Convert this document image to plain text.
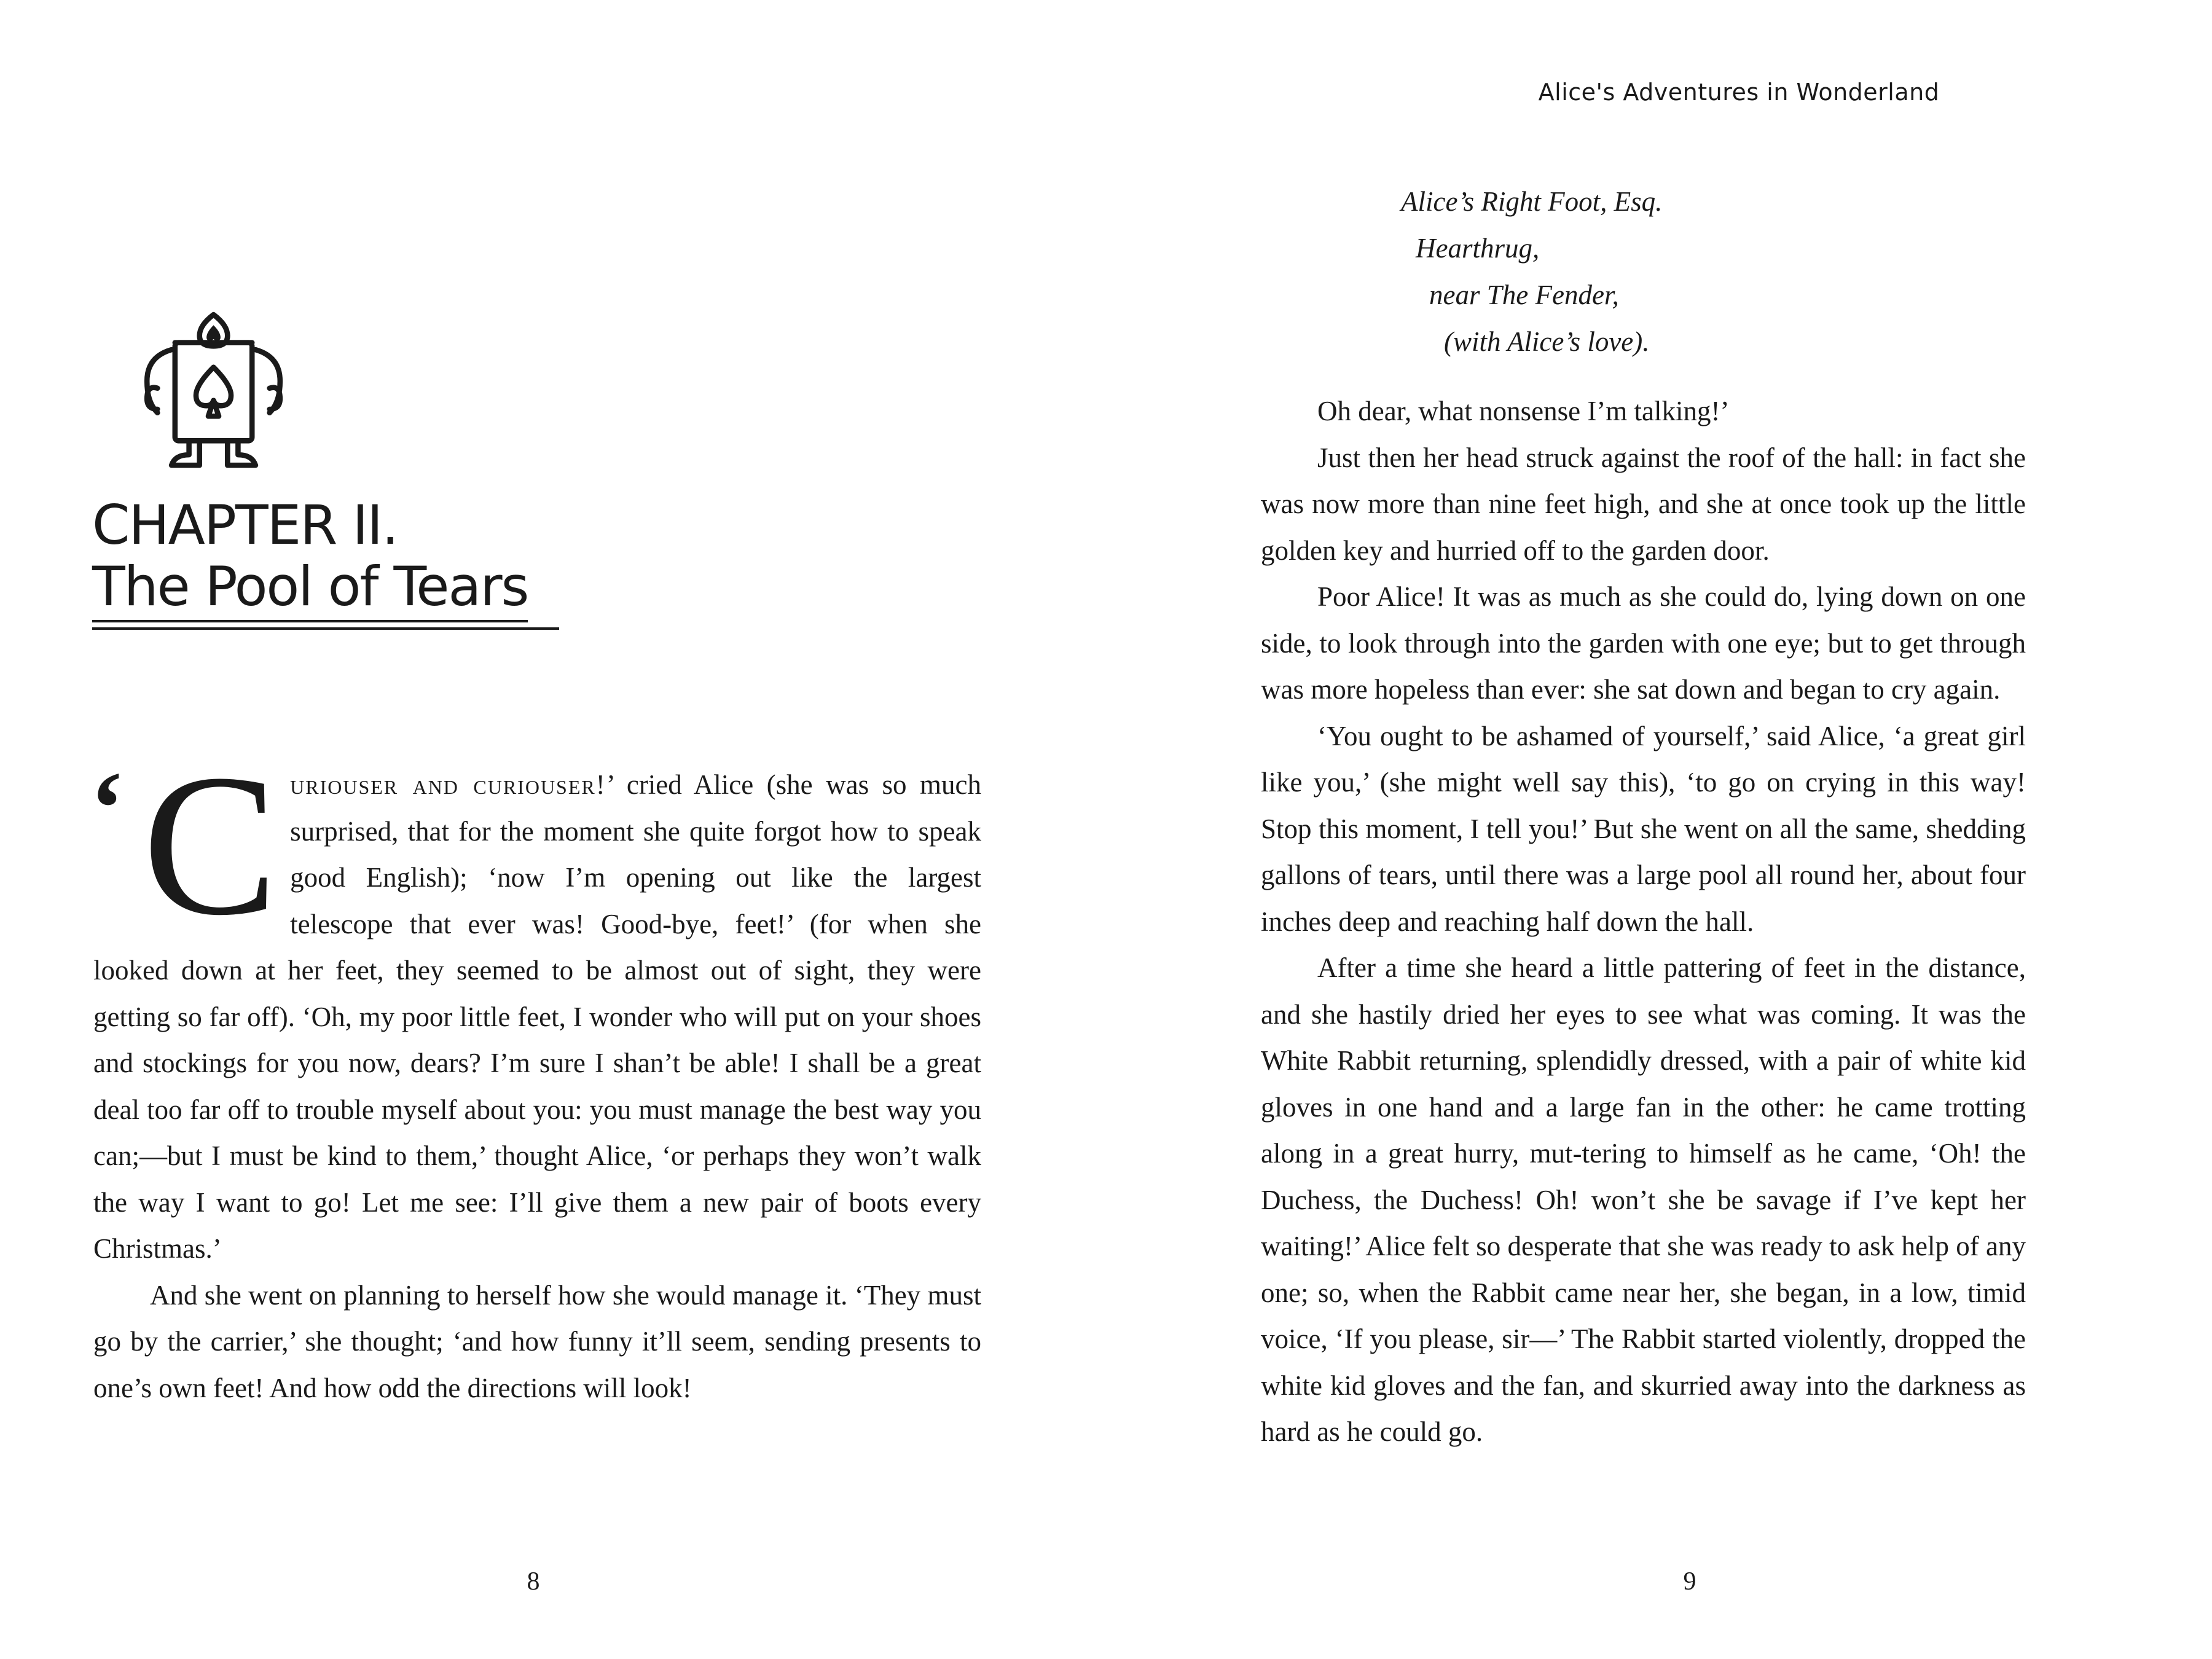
CHAPTER II.
The Pool of Tears

‘ C uriouser and curiouser!’ cried Alice (she was so much surprised, that for the moment she quite forgot how to speak good English); ‘now I’m opening out like the largest telescope that ever was! Good-bye, feet!’ (for when she looked down at her feet, they seemed to be almost out of sight, they were getting so far off). ‘Oh, my poor little feet, I wonder who will put on your shoes and stockings for you now, dears? I’m sure I shan’t be able! I shall be a great deal too far off to trouble myself about you: you must manage the best way you can;—but I must be kind to them,’ thought Alice, ‘or perhaps they won’t walk the way I want to go! Let me see: I’ll give them a new pair of boots every Christmas.’

And she went on planning to herself how she would manage it. ‘They must go by the carrier,’ she thought; ‘and how funny it’ll seem, sending presents to one’s own feet! And how odd the directions will look!

8
Alice's Adventures in Wonderland
Alice’s Right Foot, Esq.
Hearthrug,
near The Fender,
(with Alice’s love).

Oh dear, what nonsense I’m talking!’

Just then her head struck against the roof of the hall: in fact she was now more than nine feet high, and she at once took up the little golden key and hurried off to the garden door.

Poor Alice! It was as much as she could do, lying down on one side, to look through into the garden with one eye; but to get through was more hopeless than ever: she sat down and began to cry again.

‘You ought to be ashamed of yourself,’ said Alice, ‘a great girl like you,’ (she might well say this), ‘to go on crying in this way! Stop this moment, I tell you!’ But she went on all the same, shedding gallons of tears, until there was a large pool all round her, about four inches deep and reaching half down the hall.

After a time she heard a little pattering of feet in the distance, and she hastily dried her eyes to see what was coming. It was the White Rabbit returning, splendidly dressed, with a pair of white kid gloves in one hand and a large fan in the other: he came trotting along in a great hurry, mut-tering to himself as he came, ‘Oh! the Duchess, the Duchess! Oh! won’t she be savage if I’ve kept her waiting!’ Alice felt so desperate that she was ready to ask help of any one; so, when the Rabbit came near her, she began, in a low, timid voice, ‘If you please, sir—’ The Rabbit started violently, dropped the white kid gloves and the fan, and skurried away into the darkness as hard as he could go.

9
